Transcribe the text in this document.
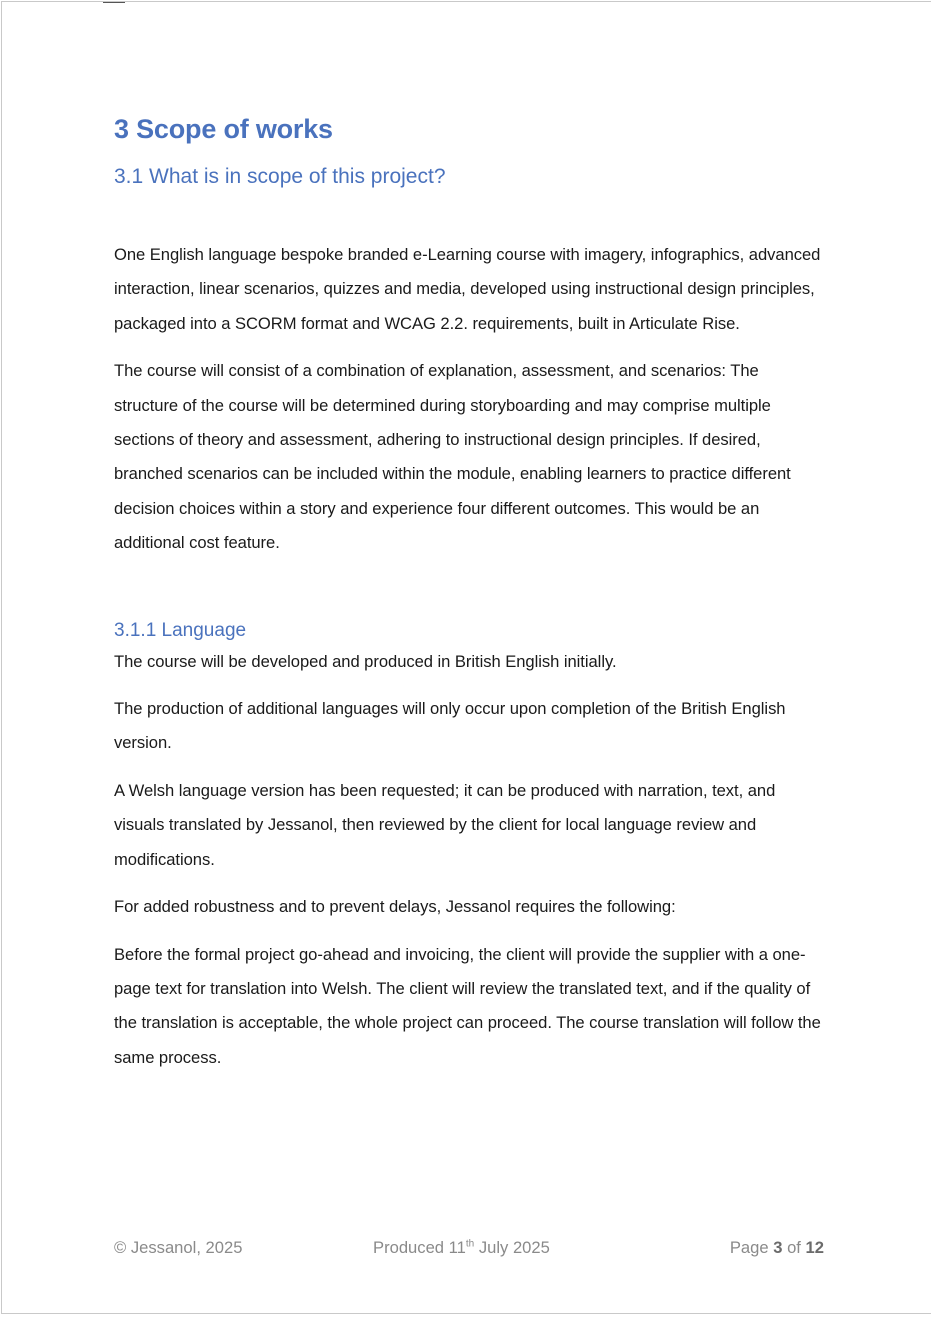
3 Scope of works
3.1 What is in scope of this project?

One English language bespoke branded e-Learning course with imagery, infographics, advanced interaction, linear scenarios, quizzes and media, developed using instructional design principles, packaged into a SCORM format and WCAG 2.2. requirements, built in Articulate Rise.

The course will consist of a combination of explanation, assessment, and scenarios: The structure of the course will be determined during storyboarding and may comprise multiple sections of theory and assessment, adhering to instructional design principles. If desired, branched scenarios can be included within the module, enabling learners to practice different decision choices within a story and experience four different outcomes. This would be an additional cost feature.

3.1.1 Language

The course will be developed and produced in British English initially.

The production of additional languages will only occur upon completion of the British English version.

A Welsh language version has been requested; it can be produced with narration, text, and visuals translated by Jessanol, then reviewed by the client for local language review and modifications.

For added robustness and to prevent delays, Jessanol requires the following:

Before the formal project go-ahead and invoicing, the client will provide the supplier with a one-page text for translation into Welsh. The client will review the translated text, and if the quality of the translation is acceptable, the whole project can proceed. The course translation will follow the same process.

© Jessanol, 2025	Produced 11th July 2025	Page 3 of 12
